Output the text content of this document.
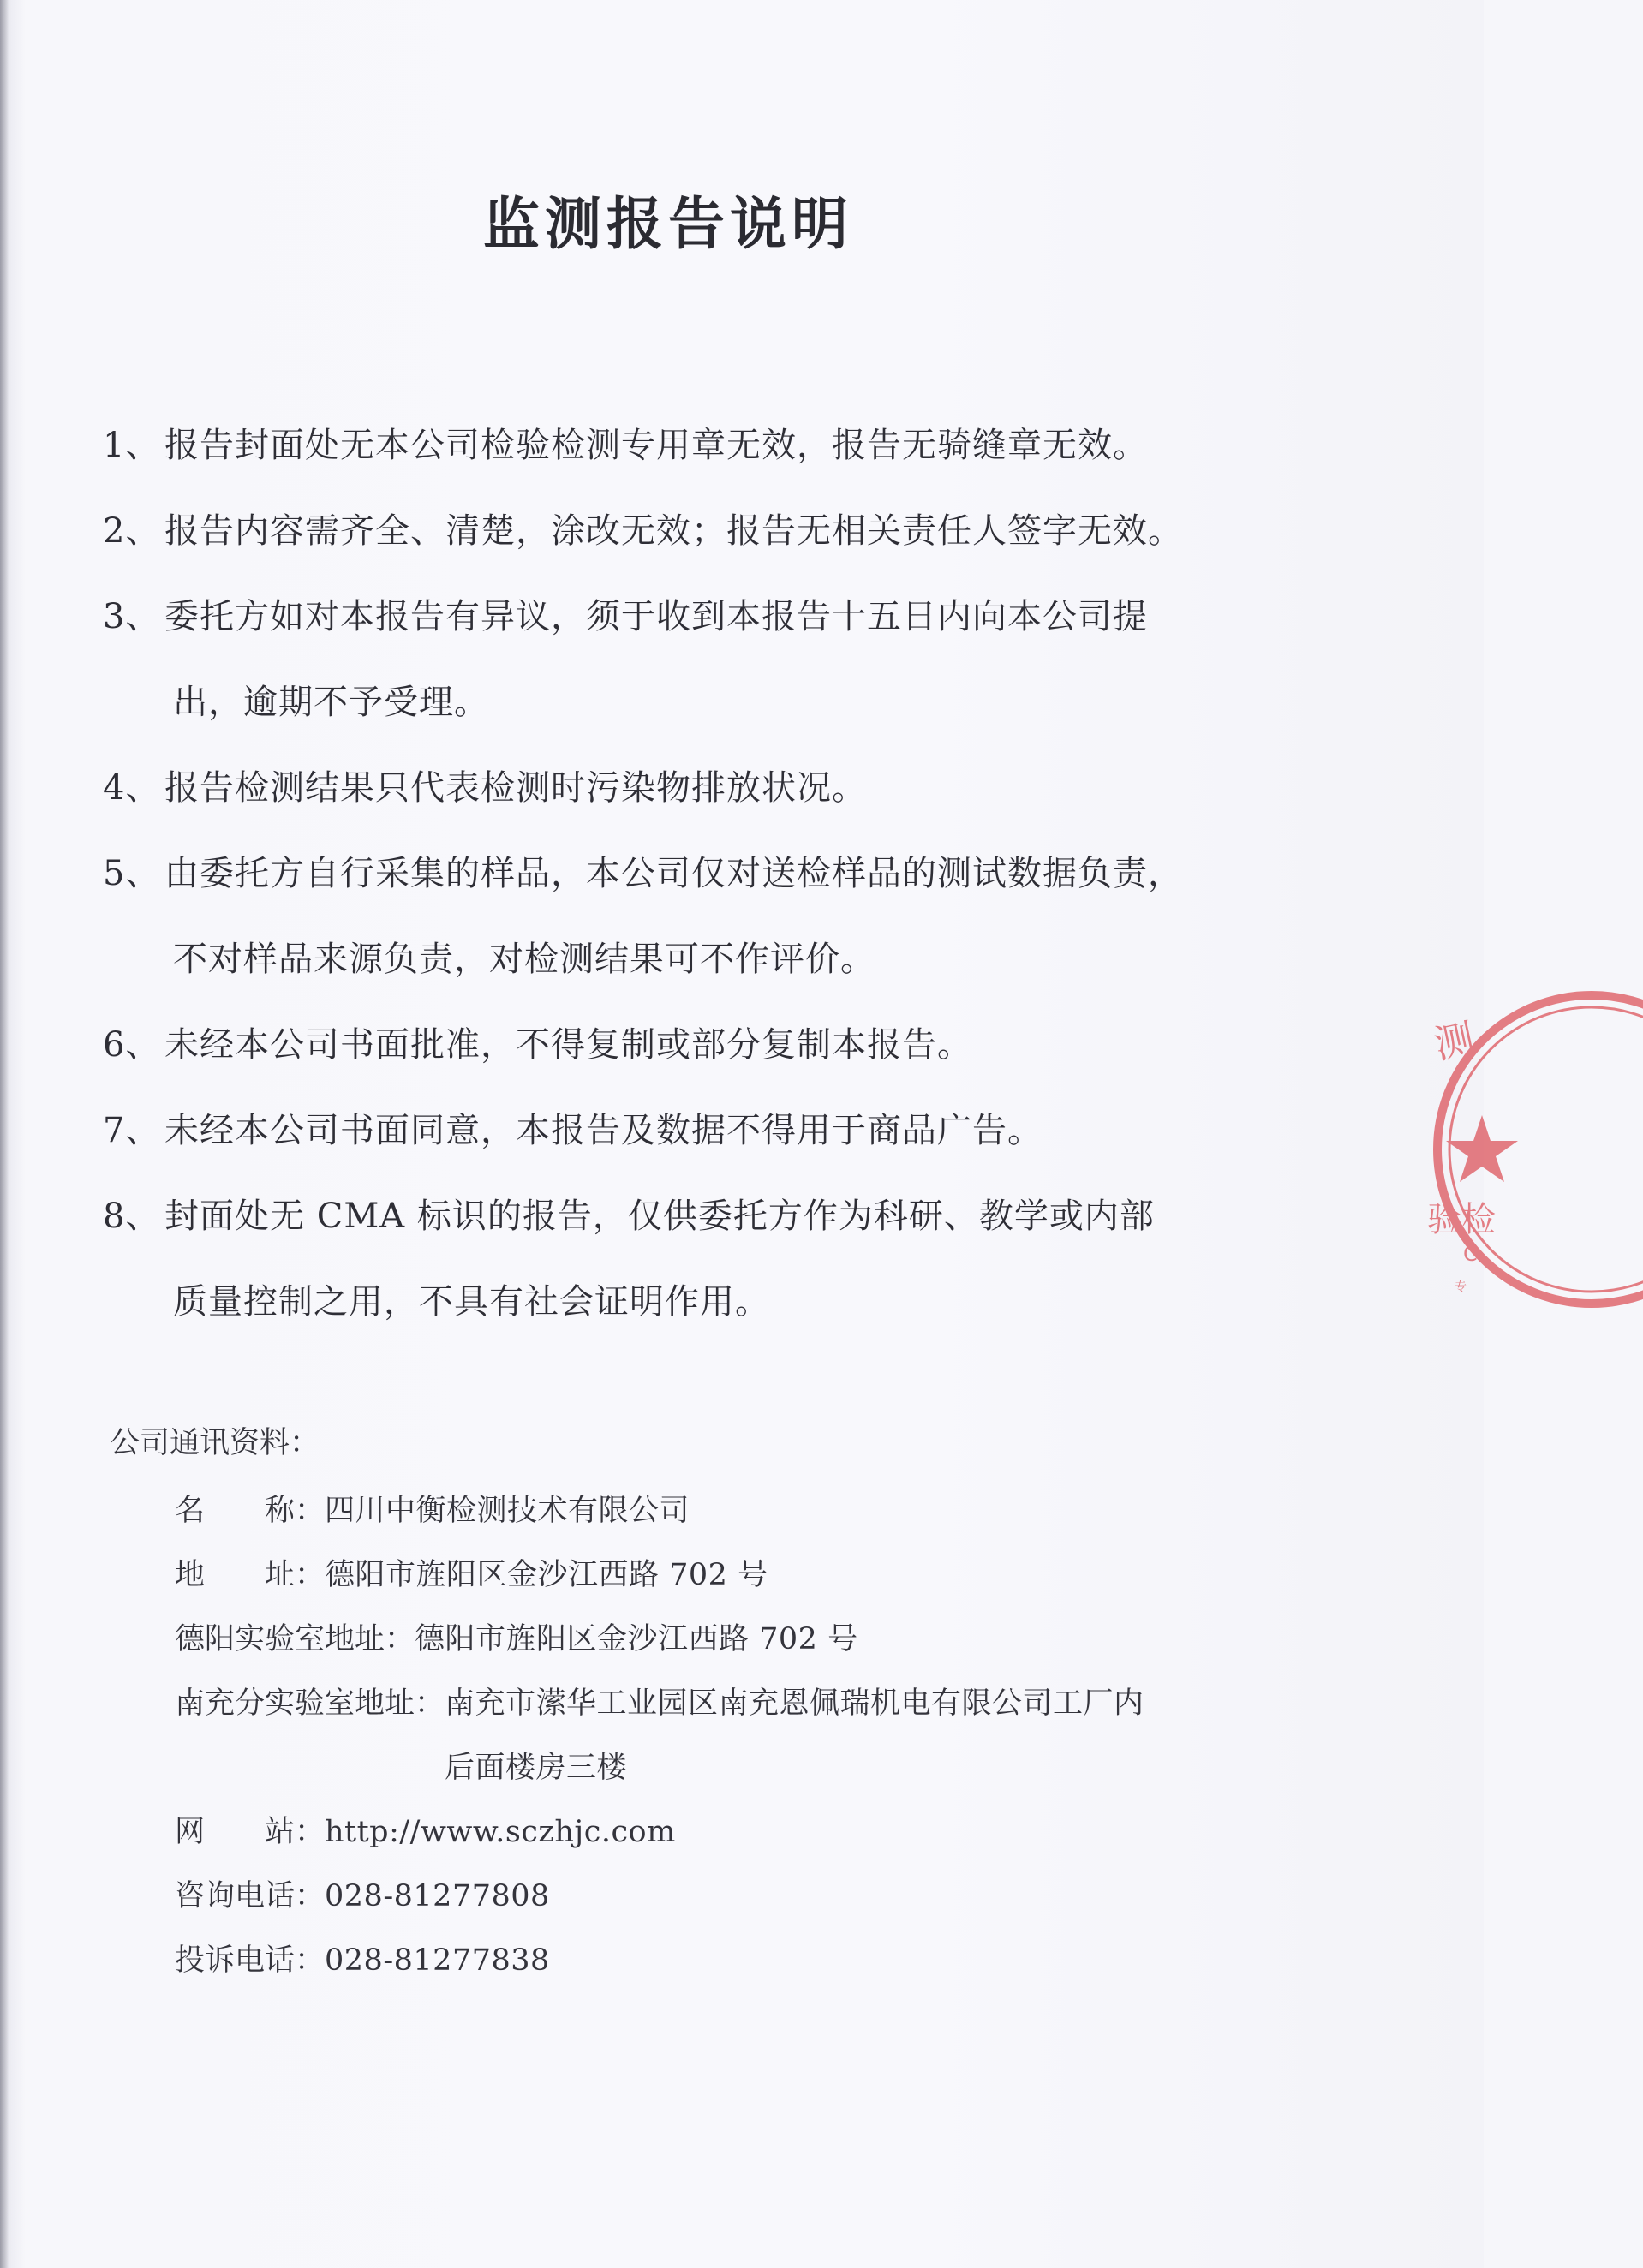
监测报告说明
1、 报告封面处无本公司检验检测专用章无效，报告无骑缝章无效。
2、 报告内容需齐全、清楚，涂改无效；报告无相关责任人签字无效。
3、 委托方如对本报告有异议，须于收到本报告十五日内向本公司提
出，逾期不予受理。
4、 报告检测结果只代表检测时污染物排放状况。
5、 由委托方自行采集的样品，本公司仅对送检样品的测试数据负责，
不对样品来源负责，对检测结果可不作评价。
6、 未经本公司书面批准，不得复制或部分复制本报告。
7、 未经本公司书面同意，本报告及数据不得用于商品广告。
8、 封面处无 CMA 标识的报告，仅供委托方作为科研、教学或内部
质量控制之用，不具有社会证明作用。
公司通讯资料：
名　　称： 四川中衡检测技术有限公司
地　　址： 德阳市旌阳区金沙江西路 702 号
德阳实验室地址： 德阳市旌阳区金沙江西路 702 号
南充分实验室地址： 南充市潆华工业园区南充恩佩瑞机电有限公司工厂内
后面楼房三楼
网　　站： http://www.sczhjc.com
咨询电话： 028-81277808
投诉电话： 028-81277838
测
验检
C
专
